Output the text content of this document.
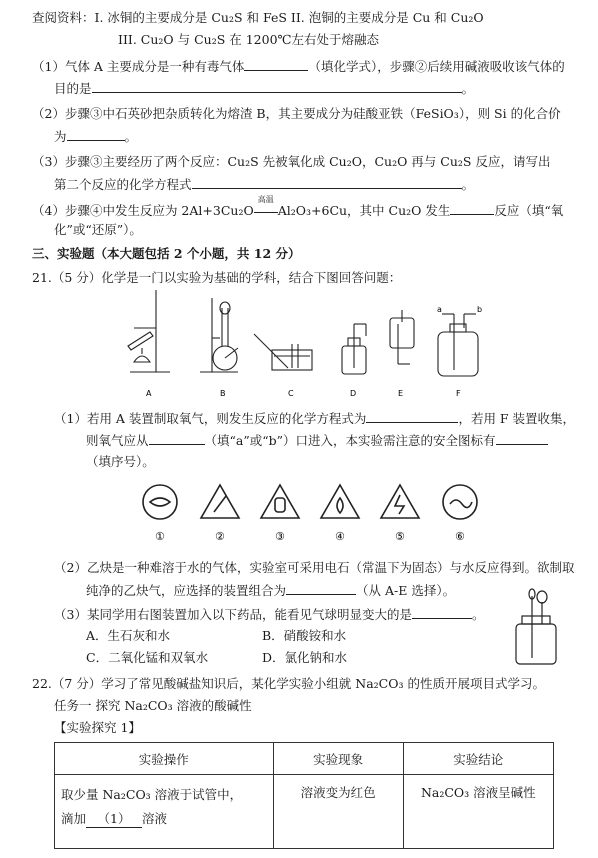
查阅资料：I. 冰铜的主要成分是 Cu₂S 和 FeS II. 泡铜的主要成分是 Cu 和 Cu₂O
III. Cu₂O 与 Cu₂S 在 1200℃左右处于熔融态
（1）气体 A 主要成分是一种有毒气体	（填化学式），步骤②后续用碱液吸收该气体的
目的是	。
（2）步骤③中石英砂把杂质转化为熔渣 B，其主要成分为硅酸亚铁（FeSiO₃），则 Si 的化合价
为	。
（3）步骤③主要经历了两个反应：Cu₂S 先被氧化成 Cu₂O，Cu₂O 再与 Cu₂S 反应，请写出
第二个反应的化学方程式	。
（4）步骤④中发生反应为 2Al+3Cu₂O
高温
Al₂O₃+6Cu，其中 Cu₂O 发生	反应（填“氧
化”或“还原”）。
三、实验题（本大题包括 2 个小题，共 12 分）
21.（5 分）化学是一门以实验为基础的学科，结合下图回答问题：
a	b
A	B	C	D	E	F
（1）若用 A 装置制取氧气，则发生反应的化学方程式为	，若用 F 装置收集，
则氧气应从	（填“a”或“b”）口进入，本实验需注意的安全图标有
（填序号）。
①	②	③	④	⑤	⑥
（2）乙炔是一种难溶于水的气体，实验室可采用电石（常温下为固态）与水反应得到。欲制取
纯净的乙炔气，应选择的装置组合为	（从 A-E 选择）。
（3）某同学用右图装置加入以下药品，能看见气球明显变大的是	。
A．生石灰和水	B．硝酸铵和水
C．二氧化锰和双氧水	D．氯化钠和水
22.（7 分）学习了常见酸碱盐知识后，某化学实验小组就 Na₂CO₃ 的性质开展项目式学习。
任务一 探究 Na₂CO₃ 溶液的酸碱性
【实验探究 1】
实验操作	实验现象	实验结论

取少量 Na₂CO₃ 溶液于试管中，
滴加 （1） 溶液	溶液变为红色	Na₂CO₃ 溶液呈碱性
